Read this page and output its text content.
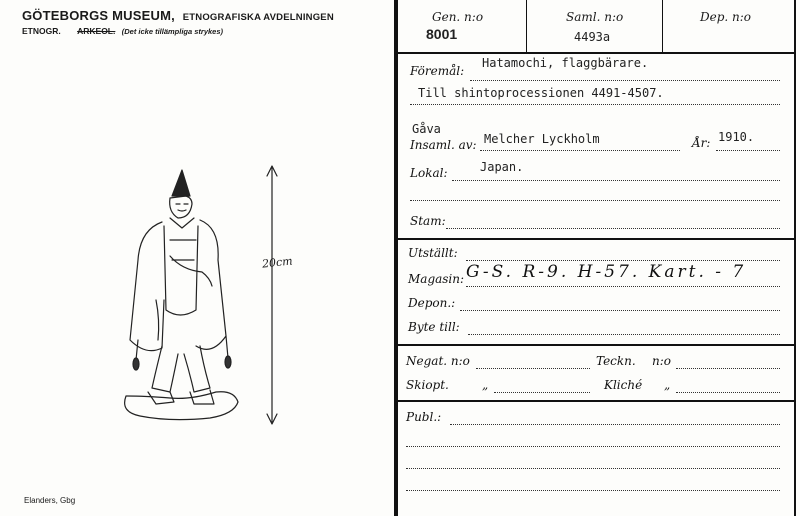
GÖTEBORGS MUSEUM, ETNOGRAFISKA AVDELNINGEN
ETNOGR. ARKEOL. (Det icke tillämpliga strykes)
20cm
Elanders, Gbg
Gen. n:o
8001
Saml. n:o
4493a
Dep. n:o
Föremål:
Hatamochi, flaggbärare.
Till shintoprocessionen 4491-4507.
Gåva
Insaml. av: Melcher Lyckholm	År: 1910.
Lokal:	Japan.
Stam:
Utställt:
Magasin: G-S. R-9. H-57. Kart. - 7
Depon.:
Byte till:
Negat. n:o	Teckn. n:o
Skiopt.	„	Kliché „
Publ.:
